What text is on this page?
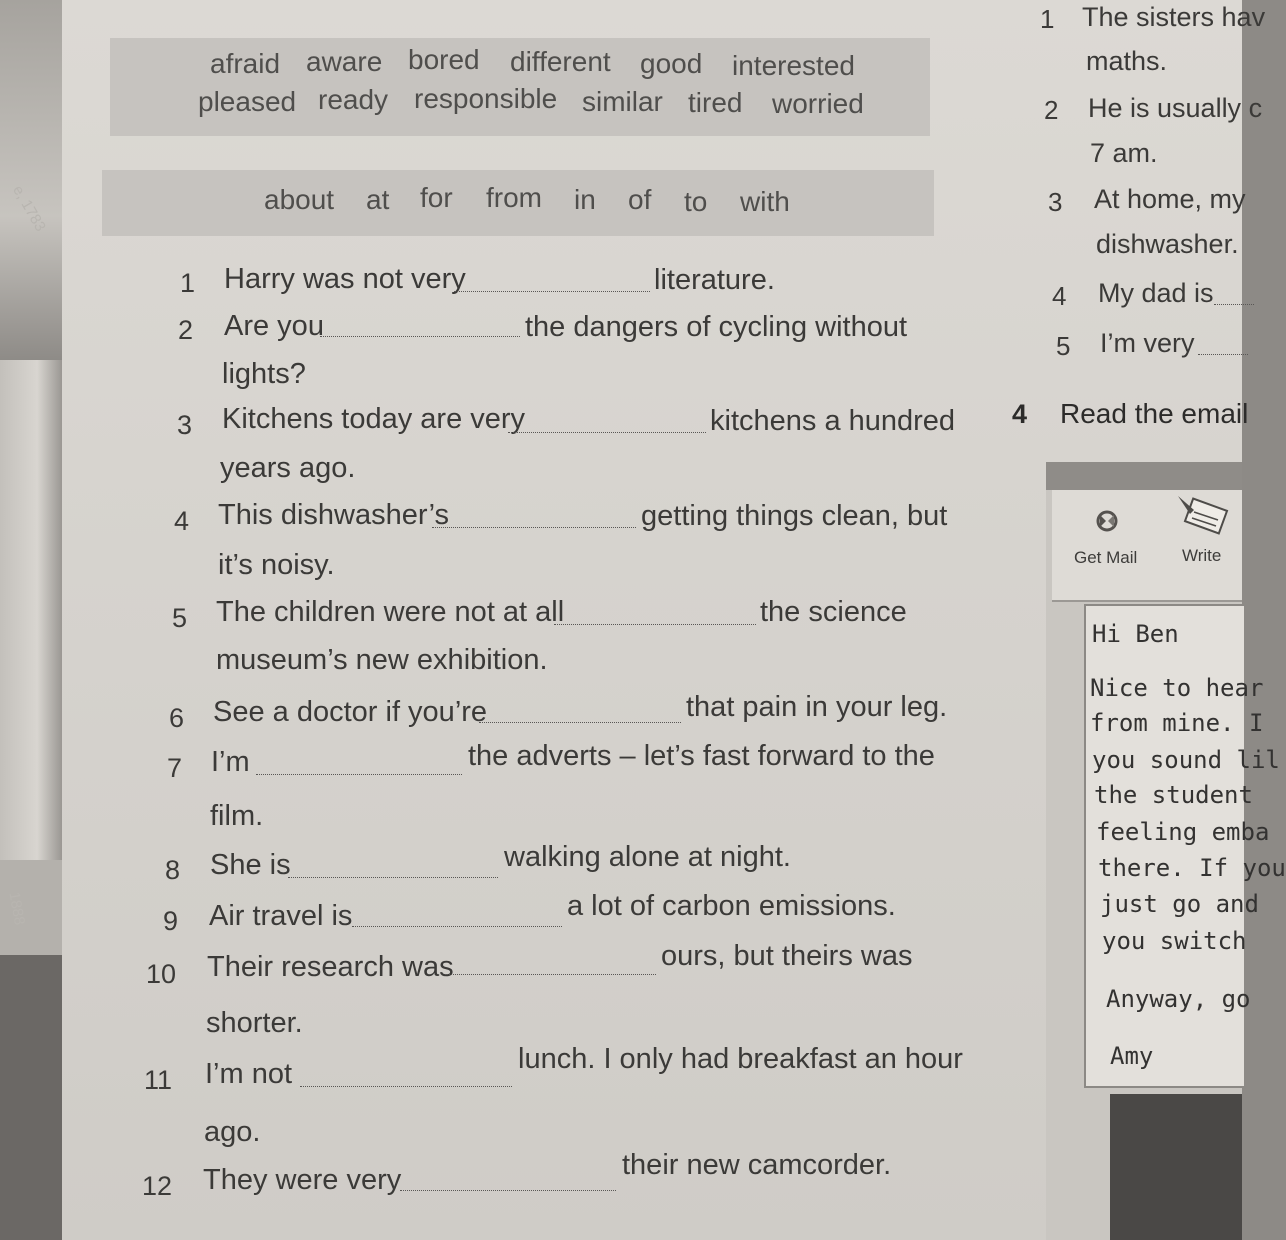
e, 1783
1888
afraid aware bored different good interested
pleased ready responsible similar tired worried
about at for from in of to with
1 Harry was not very	literature.
2 Are you	the dangers of cycling without
lights?
3 Kitchens today are very	kitchens a hundred
years ago.
4 This dishwasher’s	getting things clean, but
it’s noisy.
5 The children were not at all	the science
museum’s new exhibition.
6 See a doctor if you’re	that pain in your leg.
7 I’m	the adverts – let’s fast forward to the
film.
8 She is	walking alone at night.
9 Air travel is	a lot of carbon emissions.
10 Their research was	ours, but theirs was
shorter.
11 I’m not	lunch. I only had breakfast an hour
ago.
12 They were very	their new camcorder.
1 The sisters hav
maths.
2 He is usually c
7 am.
3 At home, my
dishwasher.
4 My dad is
5 I’m very
4 Read the email
Get Mail	Write
Hi Ben
Nice to hear
from mine. I
you sound lil
the student
feeling emba
there. If you
just go and
you switch
Anyway, go
Amy
